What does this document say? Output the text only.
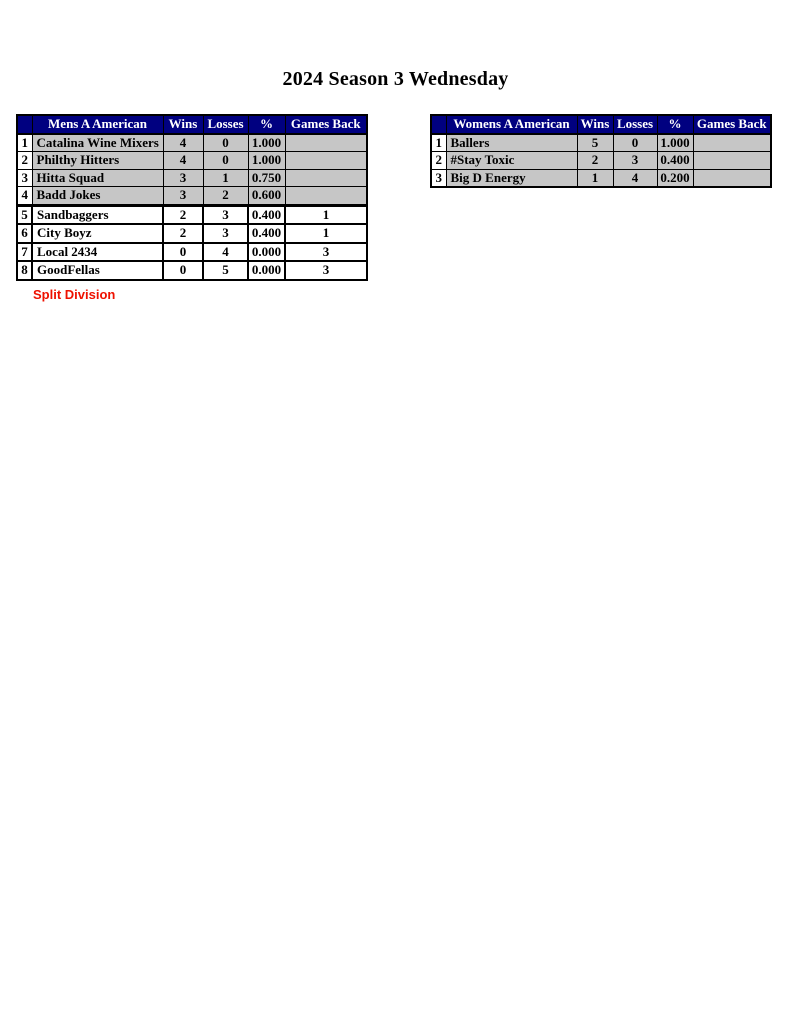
2024 Season 3 Wednesday
	Mens A American	Wins	Losses	%	Games Back
1	Catalina Wine Mixers	4	0	1.000	
2	Philthy Hitters	4	0	1.000	
3	Hitta Squad	3	1	0.750	
4	Badd Jokes	3	2	0.600	
5	Sandbaggers	2	3	0.400	1
6	City Boyz	2	3	0.400	1
7	Local 2434	0	4	0.000	3
8	GoodFellas	0	5	0.000	3
	Womens A American	Wins	Losses	%	Games Back
1	Ballers	5	0	1.000	
2	#Stay Toxic	2	3	0.400	
3	Big D Energy	1	4	0.200	
Split Division
